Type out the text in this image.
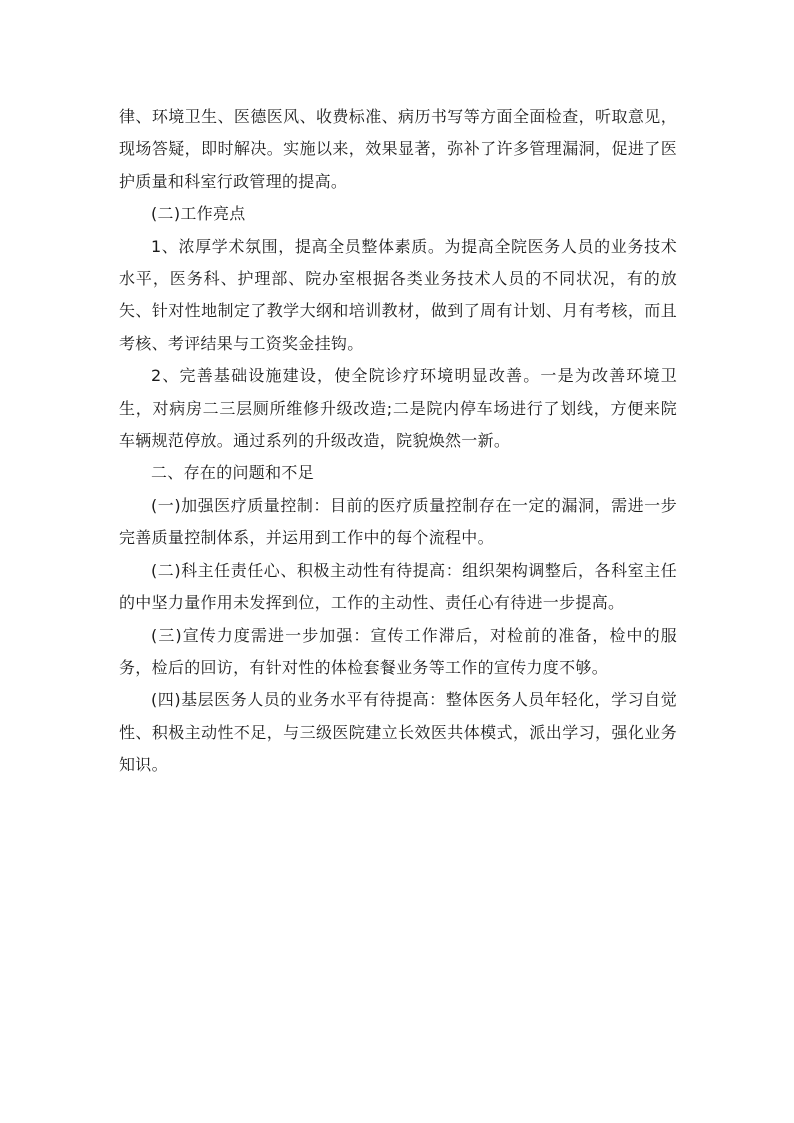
律、环境卫生、医德医风、收费标准、病历书写等方面全面检查，听取意见，现场答疑，即时解决。实施以来，效果显著，弥补了许多管理漏洞，促进了医护质量和科室行政管理的提高。

(二)工作亮点

1、浓厚学术氛围，提高全员整体素质。为提高全院医务人员的业务技术水平，医务科、护理部、院办室根据各类业务技术人员的不同状况，有的放矢、针对性地制定了教学大纲和培训教材，做到了周有计划、月有考核，而且考核、考评结果与工资奖金挂钩。

2、完善基础设施建设，使全院诊疗环境明显改善。一是为改善环境卫生，对病房二三层厕所维修升级改造;二是院内停车场进行了划线，方便来院车辆规范停放。通过系列的升级改造，院貌焕然一新。

二、存在的问题和不足

(一)加强医疗质量控制：目前的医疗质量控制存在一定的漏洞，需进一步完善质量控制体系，并运用到工作中的每个流程中。

(二)科主任责任心、积极主动性有待提高：组织架构调整后，各科室主任的中坚力量作用未发挥到位，工作的主动性、责任心有待进一步提高。

(三)宣传力度需进一步加强：宣传工作滞后，对检前的准备，检中的服务，检后的回访，有针对性的体检套餐业务等工作的宣传力度不够。

(四)基层医务人员的业务水平有待提高：整体医务人员年轻化，学习自觉性、积极主动性不足，与三级医院建立长效医共体模式，派出学习，强化业务知识。
